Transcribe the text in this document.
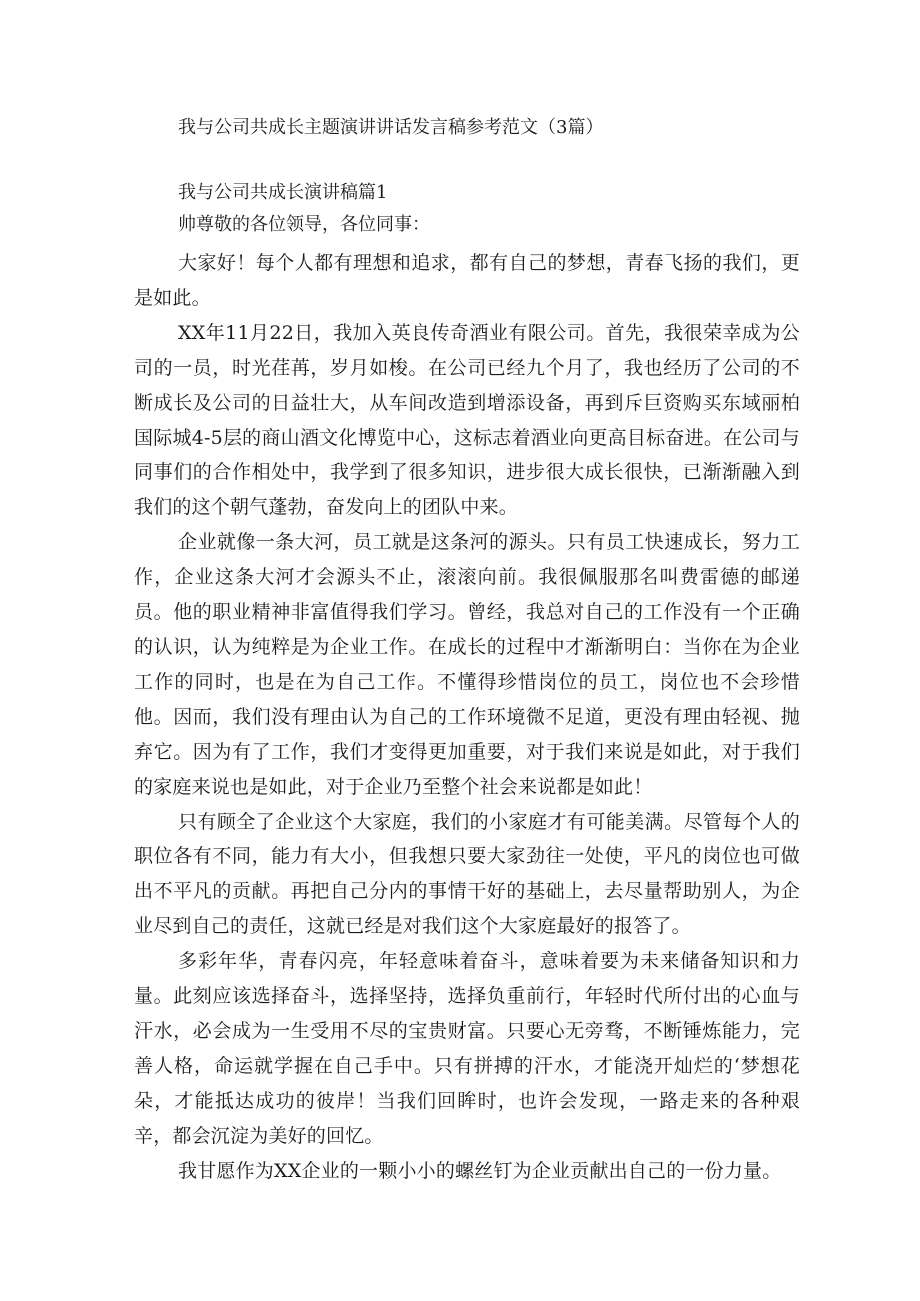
我与公司共成长主题演讲讲话发言稿参考范文（3篇）
我与公司共成长演讲稿篇1

帅尊敬的各位领导，各位同事：

大家好！每个人都有理想和追求，都有自己的梦想，青春飞扬的我们，更是如此。

XX年11月22日，我加入英良传奇酒业有限公司。首先，我很荣幸成为公司的一员，时光荏苒，岁月如梭。在公司已经九个月了，我也经历了公司的不断成长及公司的日益壮大，从车间改造到增添设备，再到斥巨资购买东域丽柏国际城4-5层的商山酒文化博览中心，这标志着酒业向更高目标奋进。在公司与同事们的合作相处中，我学到了很多知识，进步很大成长很快，已渐渐融入到我们的这个朝气蓬勃，奋发向上的团队中来。

企业就像一条大河，员工就是这条河的源头。只有员工快速成长，努力工作，企业这条大河才会源头不止，滚滚向前。我很佩服那名叫费雷德的邮递员。他的职业精神非富值得我们学习。曾经，我总对自己的工作没有一个正确的认识，认为纯粹是为企业工作。在成长的过程中才渐渐明白：当你在为企业工作的同时，也是在为自己工作。不懂得珍惜岗位的员工，岗位也不会珍惜他。因而，我们没有理由认为自己的工作环境微不足道，更没有理由轻视、抛弃它。因为有了工作，我们才变得更加重要，对于我们来说是如此，对于我们的家庭来说也是如此，对于企业乃至整个社会来说都是如此！

只有顾全了企业这个大家庭，我们的小家庭才有可能美满。尽管每个人的职位各有不同，能力有大小，但我想只要大家劲往一处使，平凡的岗位也可做出不平凡的贡献。再把自己分内的事情干好的基础上，去尽量帮助别人，为企业尽到自己的责任，这就已经是对我们这个大家庭最好的报答了。

多彩年华，青春闪亮，年轻意味着奋斗，意味着要为未来储备知识和力量。此刻应该选择奋斗，选择坚持，选择负重前行，年轻时代所付出的心血与汗水，必会成为一生受用不尽的宝贵财富。只要心无旁骛，不断锤炼能力，完善人格，命运就学握在自己手中。只有拼搏的汗水，才能浇开灿烂的‘梦想花朵，才能抵达成功的彼岸！当我们回眸时，也许会发现，一路走来的各种艰辛，都会沉淀为美好的回忆。

我甘愿作为XX企业的一颗小小的螺丝钉为企业贡献出自己的一份力量。
